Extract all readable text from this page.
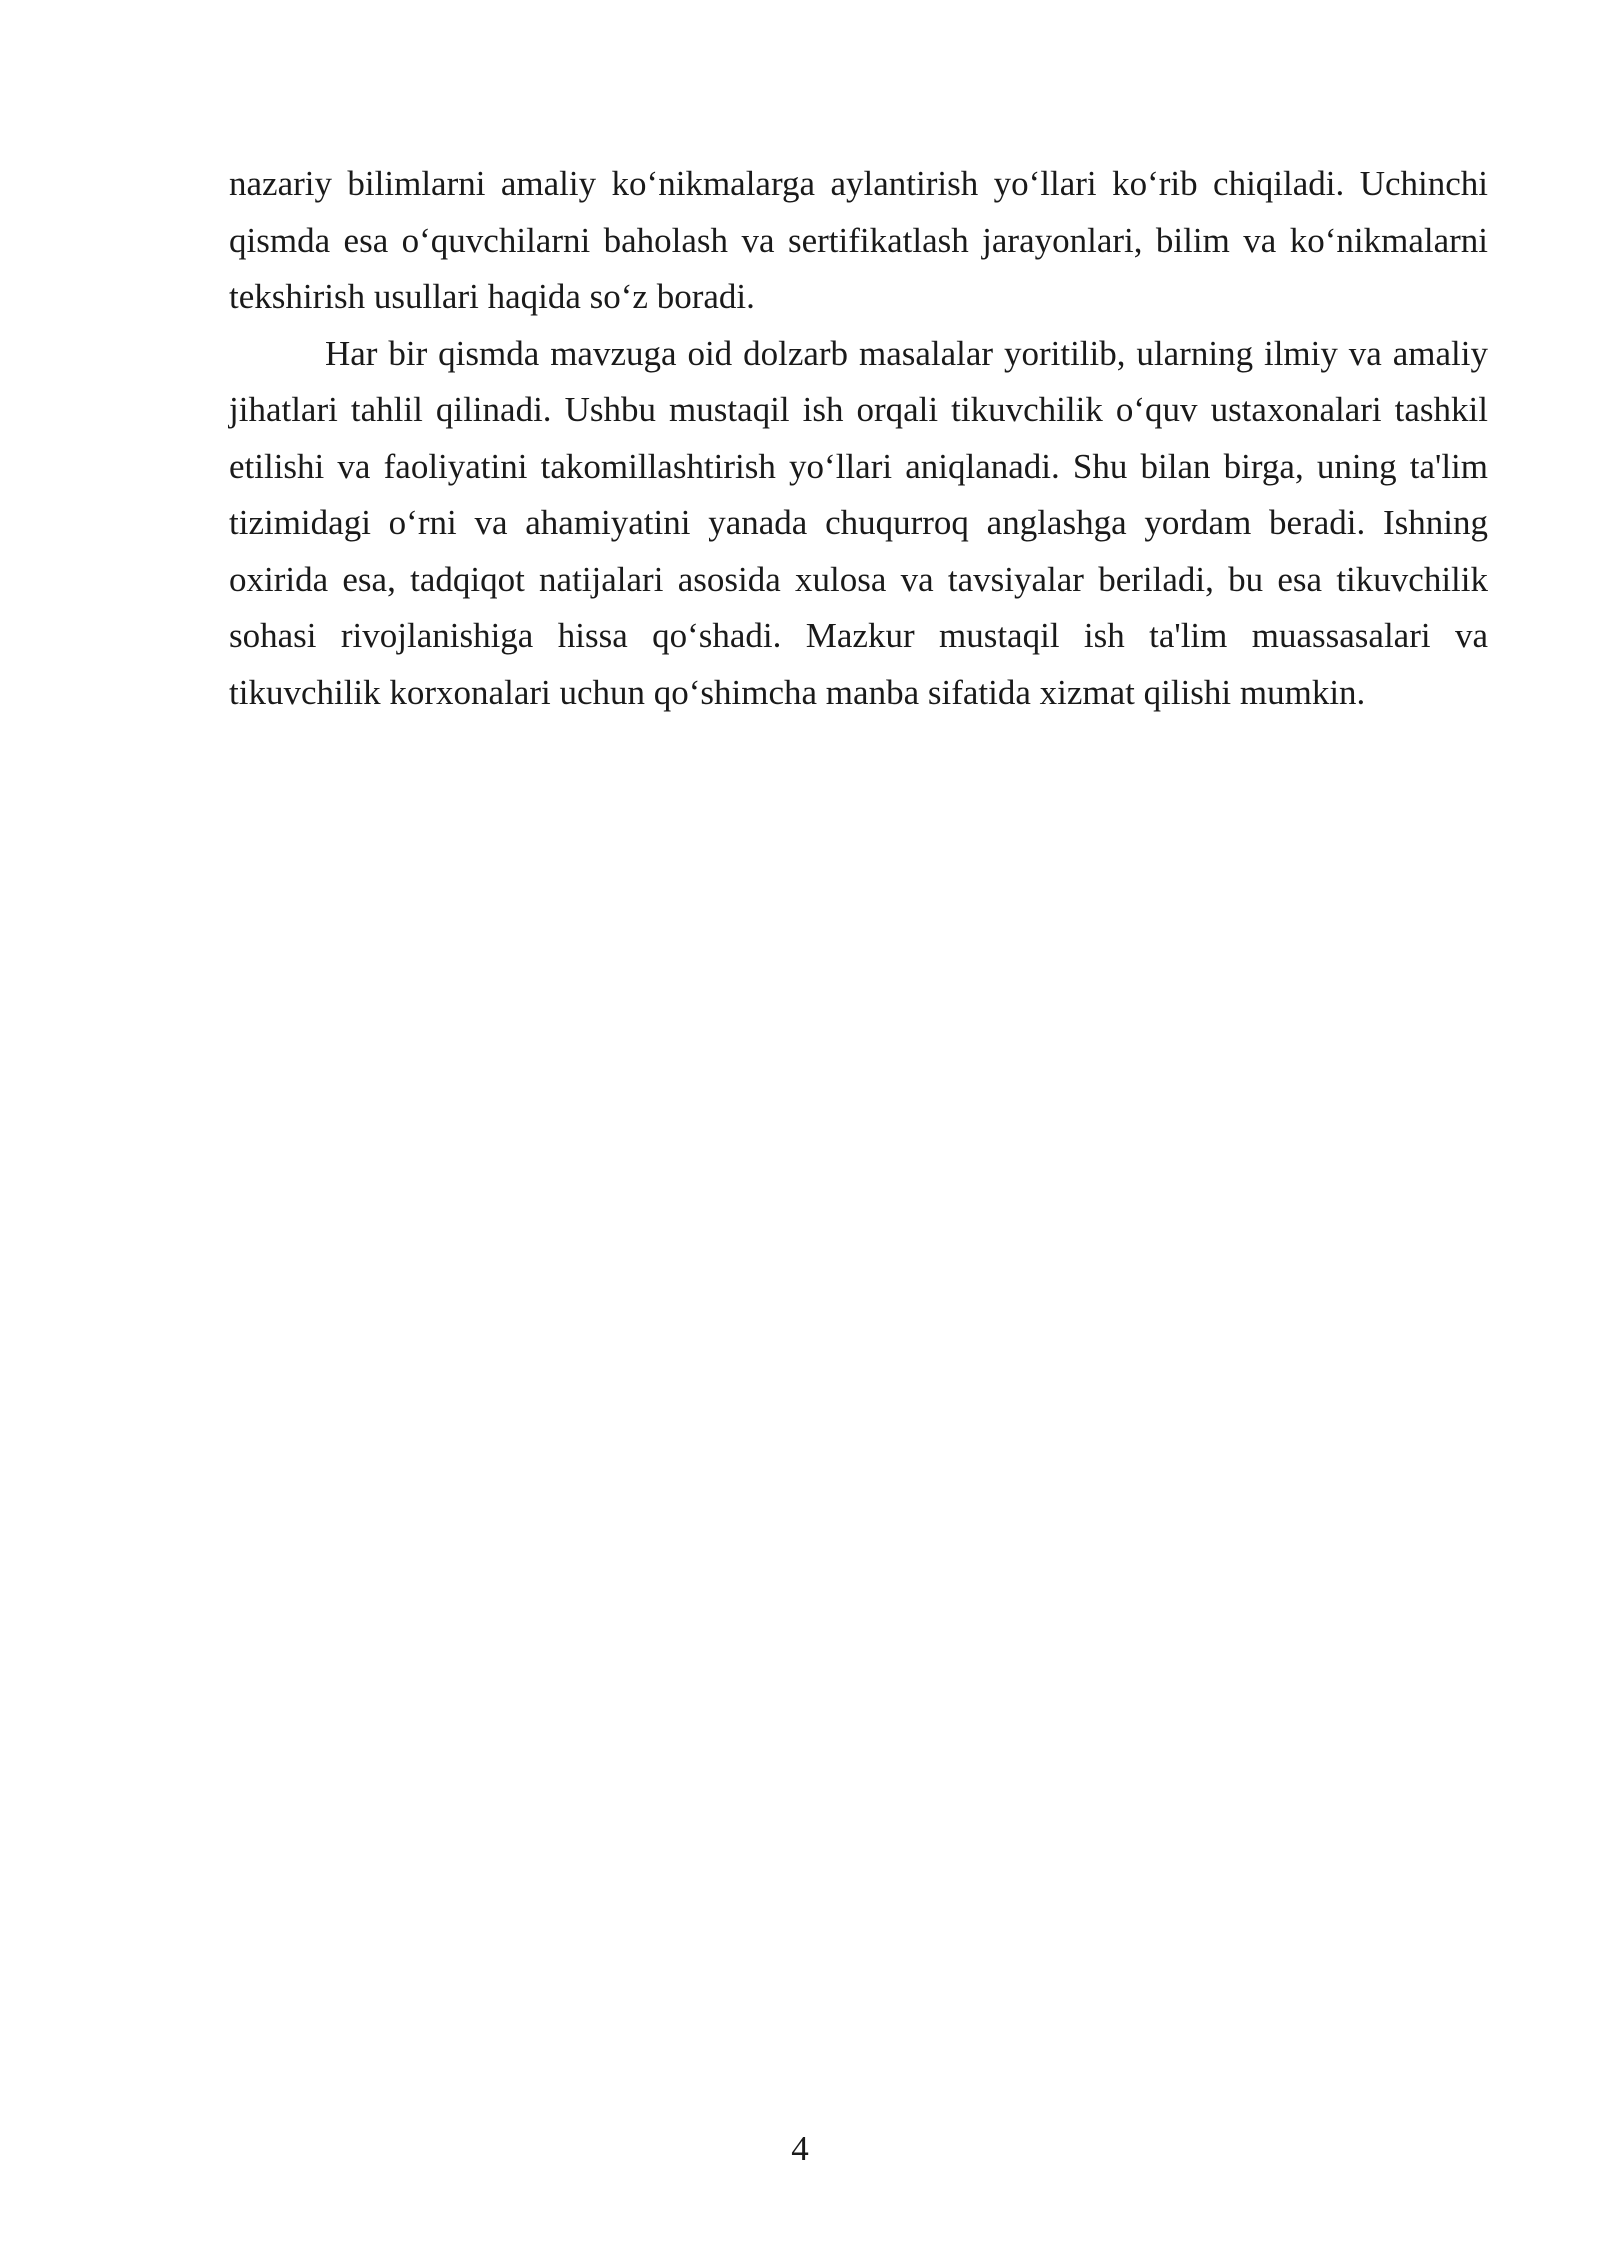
nazariy bilimlarni amaliy ko‘nikmalarga aylantirish yo‘llari ko‘rib chiqiladi. Uchinchi qismda esa o‘quvchilarni baholash va sertifikatlash jarayonlari, bilim va ko‘nikmalarni tekshirish usullari haqida so‘z boradi.

Har bir qismda mavzuga oid dolzarb masalalar yoritilib, ularning ilmiy va amaliy jihatlari tahlil qilinadi. Ushbu mustaqil ish orqali tikuvchilik o‘quv ustaxonalari tashkil etilishi va faoliyatini takomillashtirish yo‘llari aniqlanadi. Shu bilan birga, uning ta'lim tizimidagi o‘rni va ahamiyatini yanada chuqurroq anglashga yordam beradi. Ishning oxirida esa, tadqiqot natijalari asosida xulosa va tavsiyalar beriladi, bu esa tikuvchilik sohasi rivojlanishiga hissa qo‘shadi. Mazkur mustaqil ish ta'lim muassasalari va tikuvchilik korxonalari uchun qo‘shimcha manba sifatida xizmat qilishi mumkin.

4
